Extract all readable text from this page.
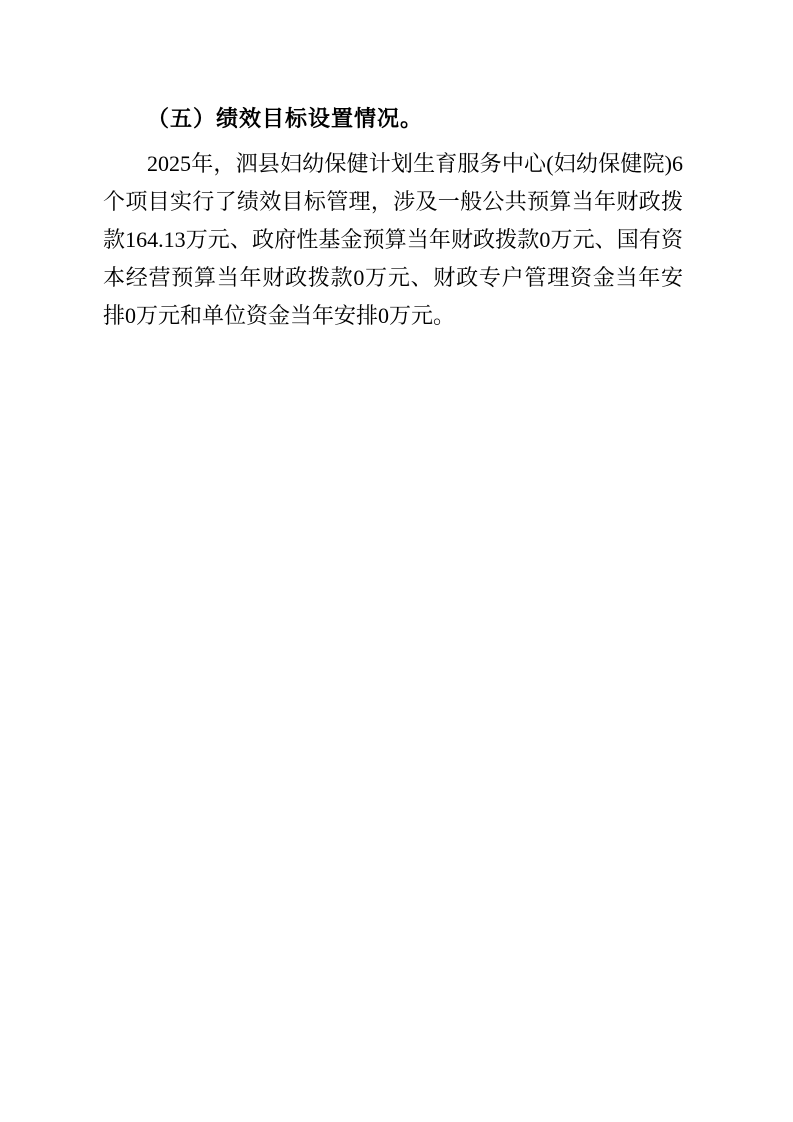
（五）绩效目标设置情况。

2025年，泗县妇幼保健计划生育服务中心(妇幼保健院)6个项目实行了绩效目标管理，涉及一般公共预算当年财政拨款164.13万元、政府性基金预算当年财政拨款0万元、国有资本经营预算当年财政拨款0万元、财政专户管理资金当年安排0万元和单位资金当年安排0万元。
